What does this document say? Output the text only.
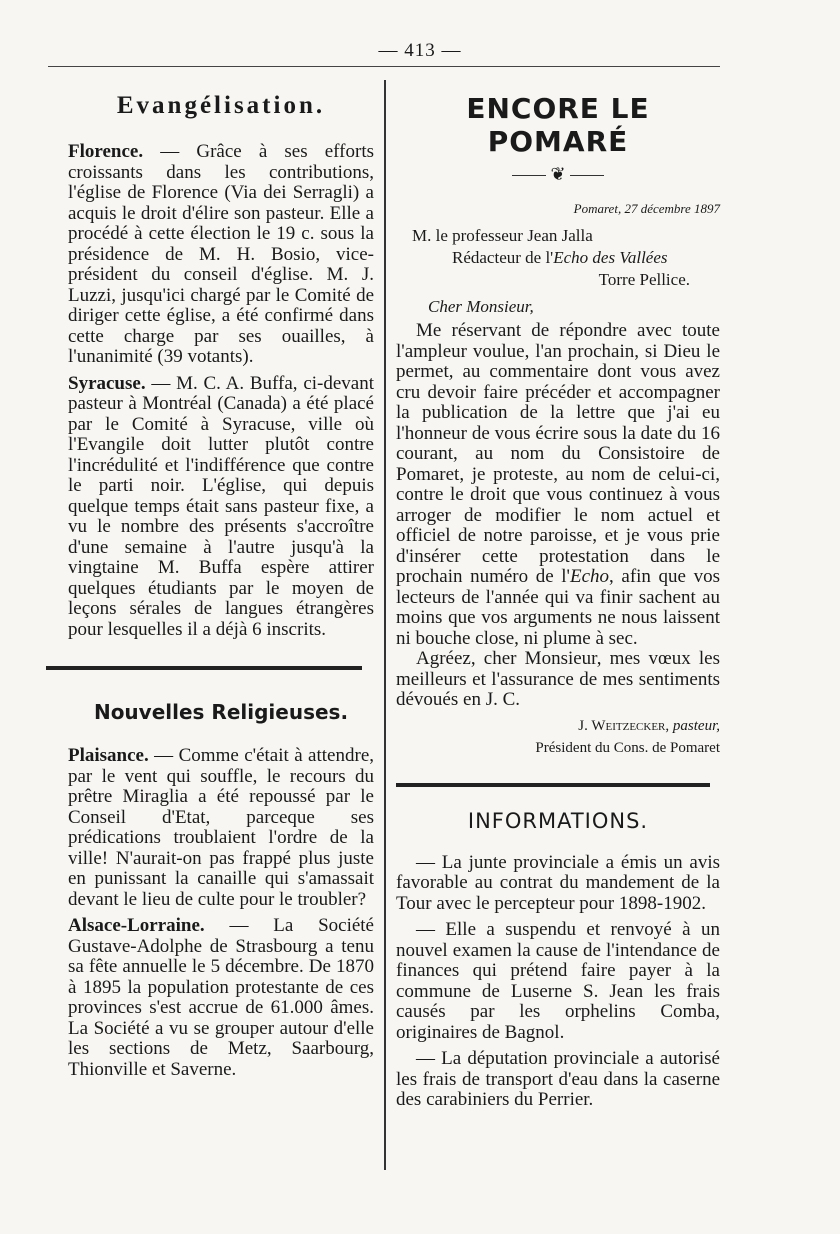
— 413 —
Evangélisation.

Florence. — Grâce à ses efforts croissants dans les contributions, l'église de Florence (Via dei Serragli) a acquis le droit d'élire son pasteur. Elle a procédé à cette élection le 19 c. sous la présidence de M. H. Bosio, vice-président du conseil d'église. M. J. Luzzi, jusqu'ici chargé par le Comité de diriger cette église, a été confirmé dans cette charge par ses ouailles, à l'unanimité (39 votants).

Syracuse. — M. C. A. Buffa, ci-devant pasteur à Montréal (Canada) a été placé par le Comité à Syracuse, ville où l'Evangile doit lutter plutôt contre l'incrédulité et l'indifférence que contre le parti noir. L'église, qui depuis quelque temps était sans pasteur fixe, a vu le nombre des présents s'accroître d'une semaine à l'autre jusqu'à la vingtaine M. Buffa espère attirer quelques étudiants par le moyen de leçons sérales de langues étrangères pour lesquelles il a déjà 6 inscrits.

Nouvelles Religieuses.

Plaisance. — Comme c'était à attendre, par le vent qui souffle, le recours du prêtre Miraglia a été repoussé par le Conseil d'Etat, parceque ses prédications troublaient l'ordre de la ville! N'aurait-on pas frappé plus juste en punissant la canaille qui s'amassait devant le lieu de culte pour le troubler?

Alsace-Lorraine. — La Société Gustave-Adolphe de Strasbourg a tenu sa fête annuelle le 5 décembre. De 1870 à 1895 la population protestante de ces provinces s'est accrue de 61.000 âmes. La Société a vu se grouper autour d'elle les sections de Metz, Saarbourg, Thionville et Saverne.

ENCORE LE POMARÉ
❦
Pomaret, 27 décembre 1897
M. le professeur Jean Jalla
Rédacteur de l'Echo des Vallées
Torre Pellice.
Cher Monsieur,

Me réservant de répondre avec toute l'ampleur voulue, l'an prochain, si Dieu le permet, au commentaire dont vous avez cru devoir faire précéder et accompagner la publication de la lettre que j'ai eu l'honneur de vous écrire sous la date du 16 courant, au nom du Consistoire de Pomaret, je proteste, au nom de celui-ci, contre le droit que vous continuez à vous arroger de modifier le nom actuel et officiel de notre paroisse, et je vous prie d'insérer cette protestation dans le prochain numéro de l'Echo, afin que vos lecteurs de l'année qui va finir sachent au moins que vos arguments ne nous laissent ni bouche close, ni plume à sec.

Agréez, cher Monsieur, mes vœux les meilleurs et l'assurance de mes sentiments dévoués en J. C.

J. Weitzecker, pasteur,
Président du Cons. de Pomaret
INFORMATIONS.

— La junte provinciale a émis un avis favorable au contrat du mandement de la Tour avec le percepteur pour 1898-1902.

— Elle a suspendu et renvoyé à un nouvel examen la cause de l'intendance de finances qui prétend faire payer à la commune de Luserne S. Jean les frais causés par les orphelins Comba, originaires de Bagnol.

— La députation provinciale a autorisé les frais de transport d'eau dans la caserne des carabiniers du Perrier.
